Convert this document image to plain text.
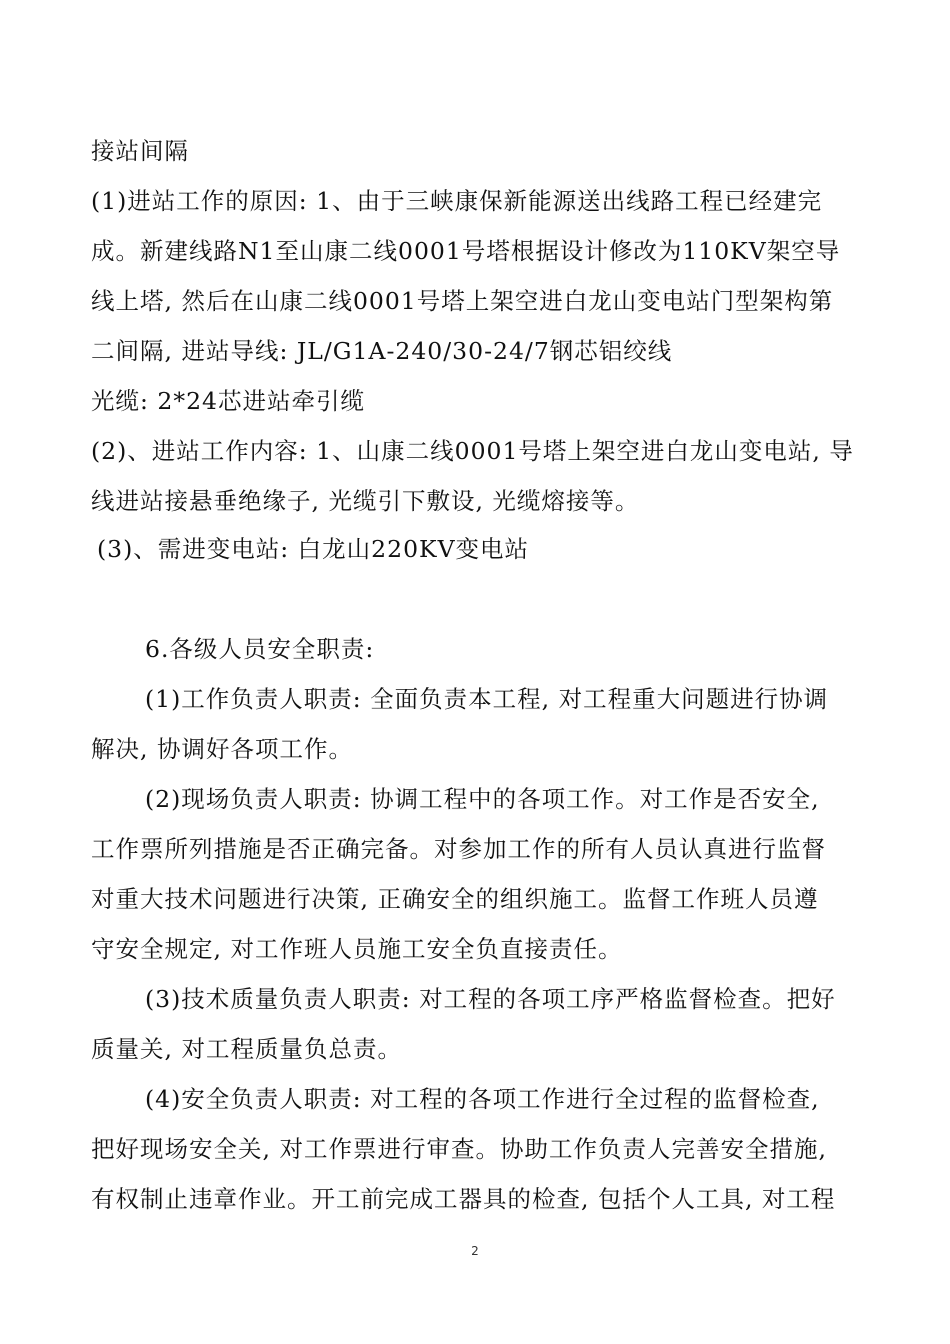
接站间隔
(1)进站工作的原因: 1、由于三峡康保新能源送出线路工程已经建完
成。新建线路N1至山康二线0001号塔根据设计修改为110KV架空导
线上塔, 然后在山康二线0001号塔上架空进白龙山变电站门型架构第
二间隔, 进站导线: JL/G1A-240/30-24/7钢芯铝绞线
光缆: 2*24芯进站牵引缆
(2)、进站工作内容: 1、山康二线0001号塔上架空进白龙山变电站, 导
线进站接悬垂绝缘子, 光缆引下敷设, 光缆熔接等。
(3)、需进变电站: 白龙山220KV变电站
6.各级人员安全职责:
(1)工作负责人职责: 全面负责本工程, 对工程重大问题进行协调
解决, 协调好各项工作。
(2)现场负责人职责: 协调工程中的各项工作。对工作是否安全,
工作票所列措施是否正确完备。对参加工作的所有人员认真进行监督
对重大技术问题进行决策, 正确安全的组织施工。监督工作班人员遵
守安全规定, 对工作班人员施工安全负直接责任。
(3)技术质量负责人职责: 对工程的各项工序严格监督检查。把好
质量关, 对工程质量负总责。
(4)安全负责人职责: 对工程的各项工作进行全过程的监督检查,
把好现场安全关, 对工作票进行审查。协助工作负责人完善安全措施,
有权制止违章作业。开工前完成工器具的检查, 包括个人工具, 对工程
2
